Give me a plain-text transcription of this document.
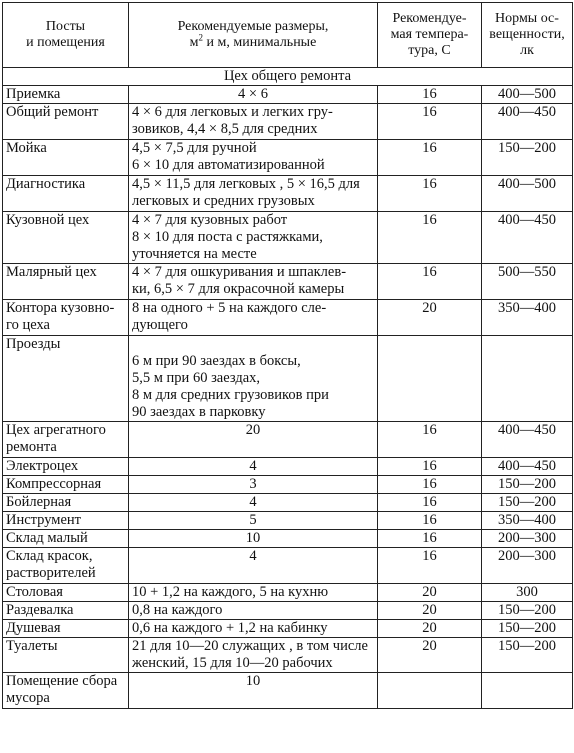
Посты
и помещения	Рекомендуемые размеры,
$м^2$ и м, минимальные	Рекомендуе-
мая темпера-
тура, С	Нормы ос-
вещенности,
лк

Цех общего ремонта			

Приемка	4 × 6	16	400—500

Общий ремонт	4 × 6 для легковых и легких гру-
зовиков, 4,4 × 8,5 для средних	16	400—450

Мойка	4,5 × 7,5 для ручной
6 × 10 для автоматизированной	16	150—200

Диагностика	4,5 × 11,5 для легковых , 5 × 16,5 для
легковых и средних грузовых	16	400—500

Кузовной цех	4 × 7 для кузовных работ
8 × 10 для поста с растяжками,
уточняется на месте	16	400—450

Малярный цех	4 × 7 для ошкуривания и шпаклев-
ки, 6,5 × 7 для окрасочной камеры	16	500—550

Контора кузовно-
го цеха	8 на одного + 5 на каждого сле-
дующего	20	350—400

Проезды	6 м при 90 заездах в боксы,
5,5 м при 60 заездах,
8 м для средних грузовиков при
90 заездах в парковку		

Цех агрегатного
ремонта	20	16	400—450

Электроцех	4	16	400—450

Компрессорная	3	16	150—200

Бойлерная	4	16	150—200

Инструмент	5	16	350—400

Склад малый	10	16	200—300

Склад красок,
растворителей	4	16	200—300

Столовая	10 + 1,2 на каждого, 5 на кухню	20	300

Раздевалка	0,8 на каждого	20	150—200

Душевая	0,6 на каждого + 1,2 на кабинку	20	150—200

Туалеты	21 для 10—20 служащих , в том числе
женский, 15 для 10—20 рабочих	20	150—200

Помещение сбора
мусора	10		
